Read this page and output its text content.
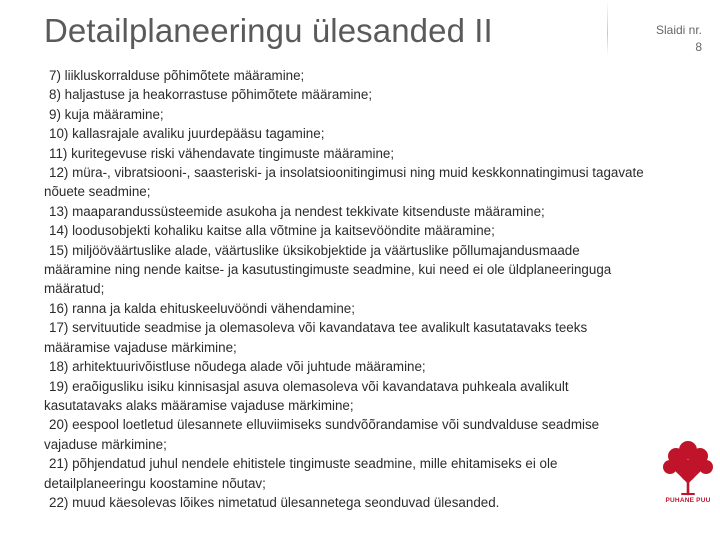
Detailplaneeringu ülesanded II	Slaidi nr.
8

7) liikluskorralduse põhimõtete määramine;

8) haljastuse ja heakorrastuse põhimõtete määramine;

9) kuja määramine;

10) kallasrajale avaliku juurdepääsu tagamine;

11) kuritegevuse riski vähendavate tingimuste määramine;

12) müra-, vibratsiooni-, saasteriski- ja insolatsioonitingimusi ning muid keskkonnatingimusi tagavate nõuete seadmine;

13) maaparandussüsteemide asukoha ja nendest tekkivate kitsenduste määramine;

14) loodusobjekti kohaliku kaitse alla võtmine ja kaitsevööndite määramine;

15) miljööväärtuslike alade, väärtuslike üksikobjektide ja väärtuslike põllumajandusmaade määramine ning nende kaitse- ja kasutustingimuste seadmine, kui need ei ole üldplaneeringuga määratud;

16) ranna ja kalda ehituskeeluvööndi vähendamine;

17) servituutide seadmise ja olemasoleva või kavandatava tee avalikult kasutatavaks teeks määramise vajaduse märkimine;

18) arhitektuurivõistluse nõudega alade või juhtude määramine;

19) eraõigusliku isiku kinnisasjal asuva olemasoleva või kavandatava puhkeala avalikult kasutatavaks alaks määramise vajaduse märkimine;

20) eespool loetletud ülesannete elluviimiseks sundvõõrandamise või sundvalduse seadmise vajaduse märkimine;

21) põhjendatud juhul nendele ehitistele tingimuste seadmine, mille ehitamiseks ei ole detailplaneeringu koostamine nõutav;

22) muud käesolevas lõikes nimetatud ülesannetega seonduvad ülesanded.	PUHANE PUU
